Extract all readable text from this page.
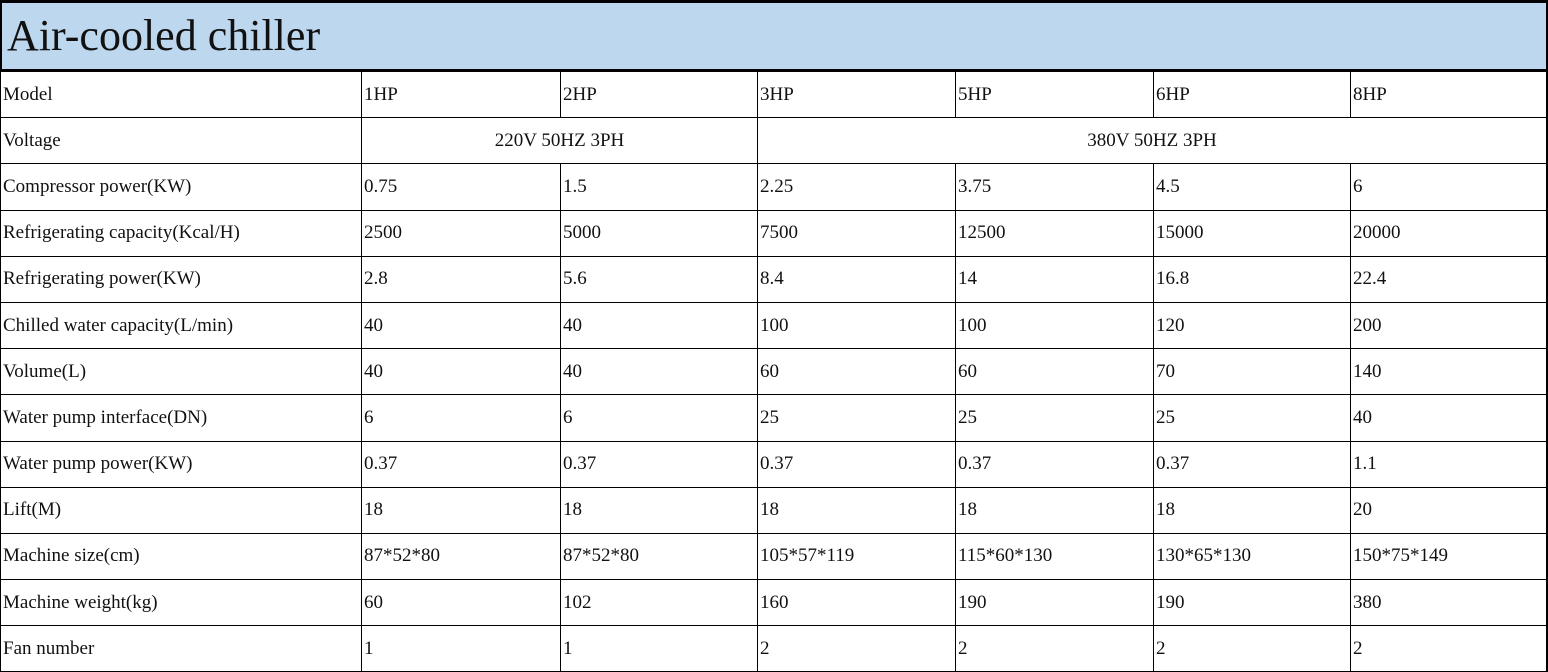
Air-cooled chiller
Model	1HP	2HP	3HP	5HP	6HP	8HP
Voltage	220V 50HZ 3PH		380V 50HZ 3PH			
Compressor power(KW)	0.75	1.5	2.25	3.75	4.5	6
Refrigerating capacity(Kcal/H)	2500	5000	7500	12500	15000	20000
Refrigerating power(KW)	2.8	5.6	8.4	14	16.8	22.4
Chilled water capacity(L/min)	40	40	100	100	120	200
Volume(L)	40	40	60	60	70	140
Water pump interface(DN)	6	6	25	25	25	40
Water pump power(KW)	0.37	0.37	0.37	0.37	0.37	1.1
Lift(M)	18	18	18	18	18	20
Machine size(cm)	87*52*80	87*52*80	105*57*119	115*60*130	130*65*130	150*75*149
Machine weight(kg)	60	102	160	190	190	380
Fan number	1	1	2	2	2	2
